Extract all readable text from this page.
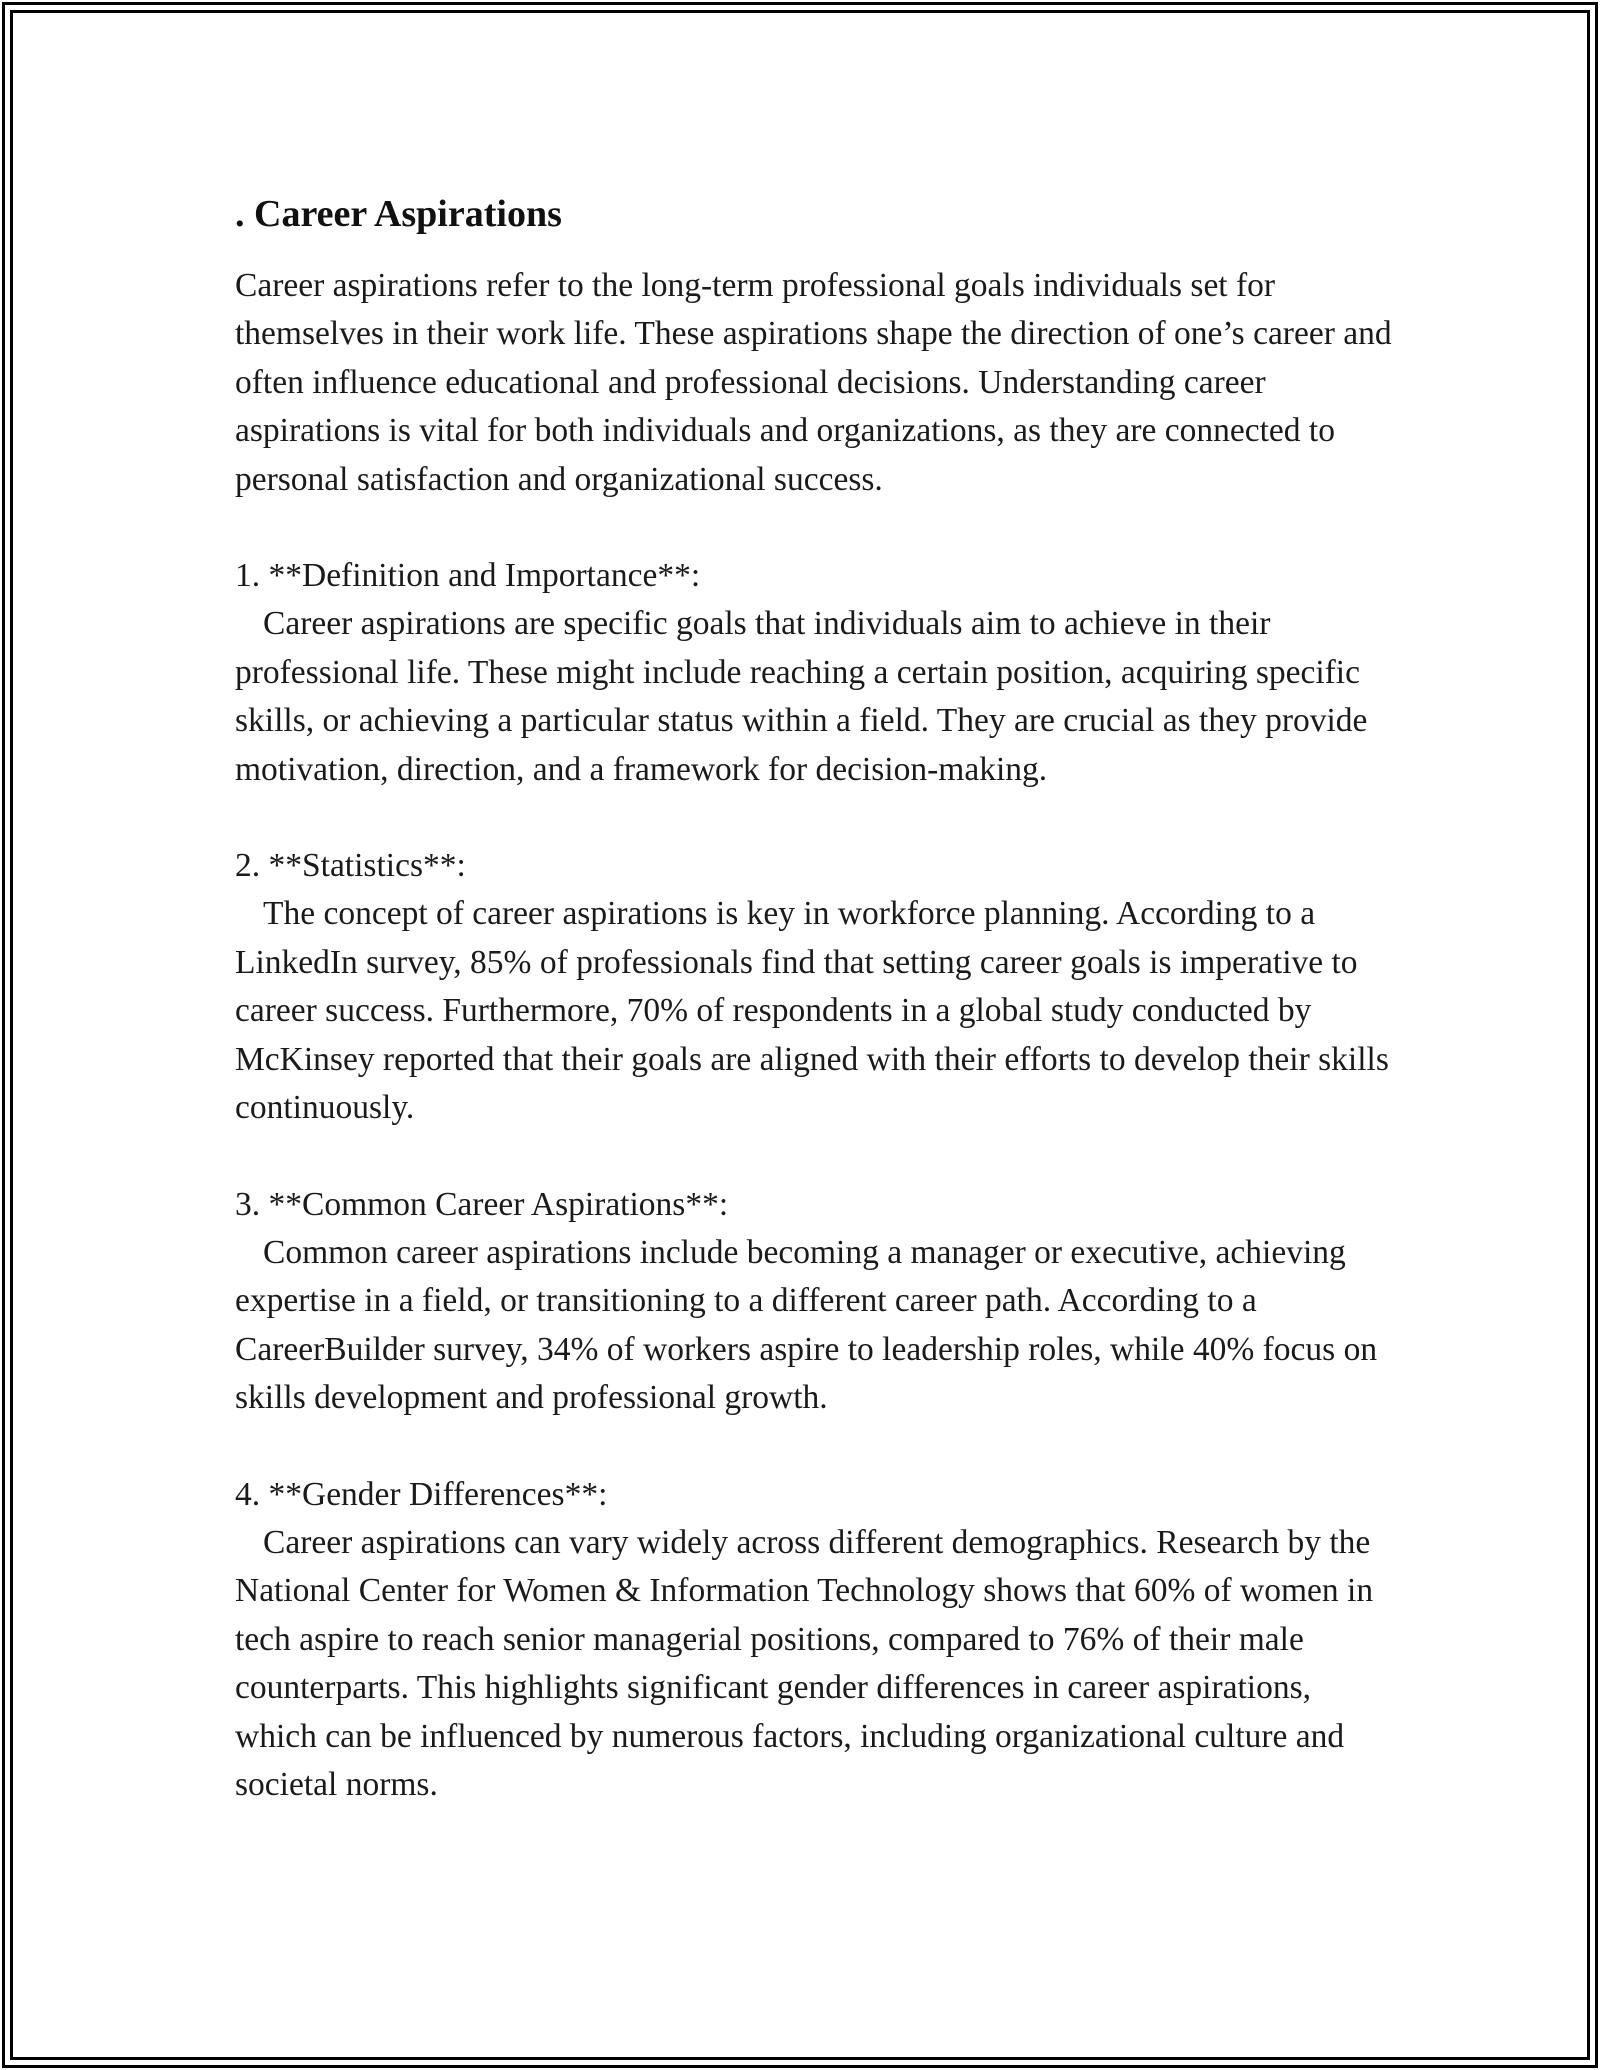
. Career Aspirations

Career aspirations refer to the long-term professional goals individuals set for themselves in their work life. These aspirations shape the direction of one’s career and often influence educational and professional decisions. Understanding career aspirations is vital for both individuals and organizations, as they are connected to personal satisfaction and organizational success.

1. **Definition and Importance**:

Career aspirations are specific goals that individuals aim to achieve in their professional life. These might include reaching a certain position, acquiring specific skills, or achieving a particular status within a field. They are crucial as they provide motivation, direction, and a framework for decision-making.

2. **Statistics**:

The concept of career aspirations is key in workforce planning. According to a LinkedIn survey, 85% of professionals find that setting career goals is imperative to career success. Furthermore, 70% of respondents in a global study conducted by McKinsey reported that their goals are aligned with their efforts to develop their skills continuously.

3. **Common Career Aspirations**:

Common career aspirations include becoming a manager or executive, achieving expertise in a field, or transitioning to a different career path. According to a CareerBuilder survey, 34% of workers aspire to leadership roles, while 40% focus on skills development and professional growth.

4. **Gender Differences**:

Career aspirations can vary widely across different demographics. Research by the National Center for Women & Information Technology shows that 60% of women in tech aspire to reach senior managerial positions, compared to 76% of their male counterparts. This highlights significant gender differences in career aspirations, which can be influenced by numerous factors, including organizational culture and societal norms.
